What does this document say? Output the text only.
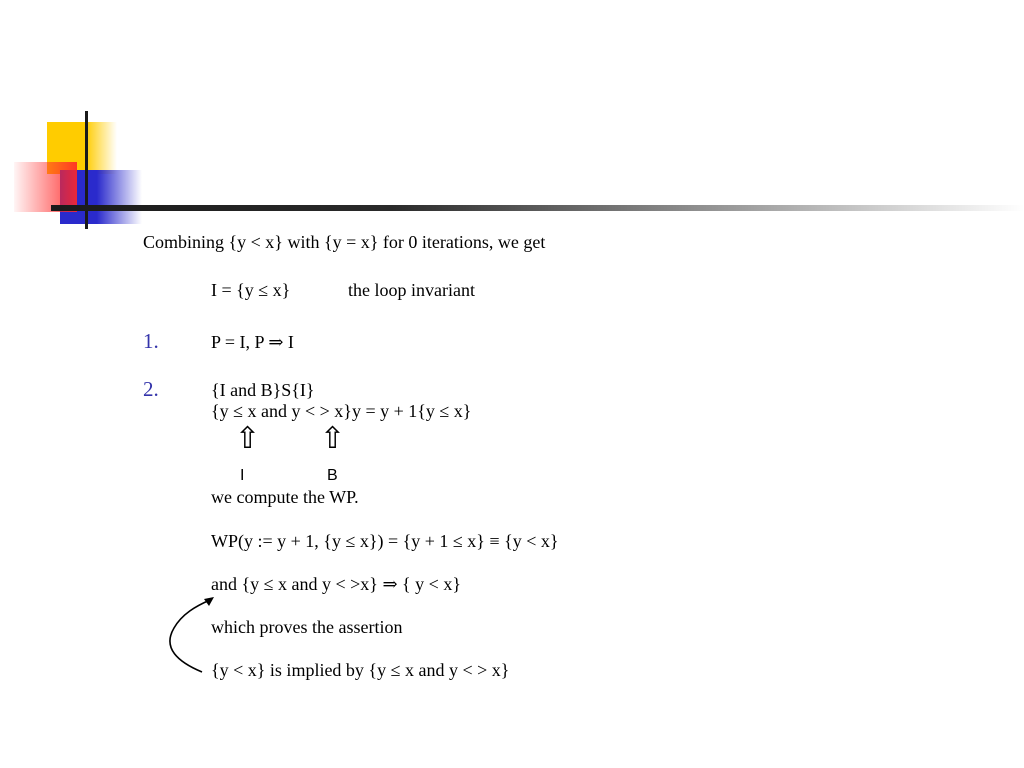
Combining {y < x} with {y = x} for 0 iterations, we get
I = {y ≤ x}	the loop invariant
1.	P = I, P ⇒ I
2.	{I and B}S{I}
{y ≤ x and y < > x}y = y + 1{y ≤ x}
⇧ ⇧
I	B
we compute the WP.
WP(y := y + 1, {y ≤ x}) = {y + 1 ≤ x} ≡ {y < x}
and {y ≤ x and y < >x} ⇒ { y < x}
which proves the assertion
{y < x} is implied by {y ≤ x and y < > x}
